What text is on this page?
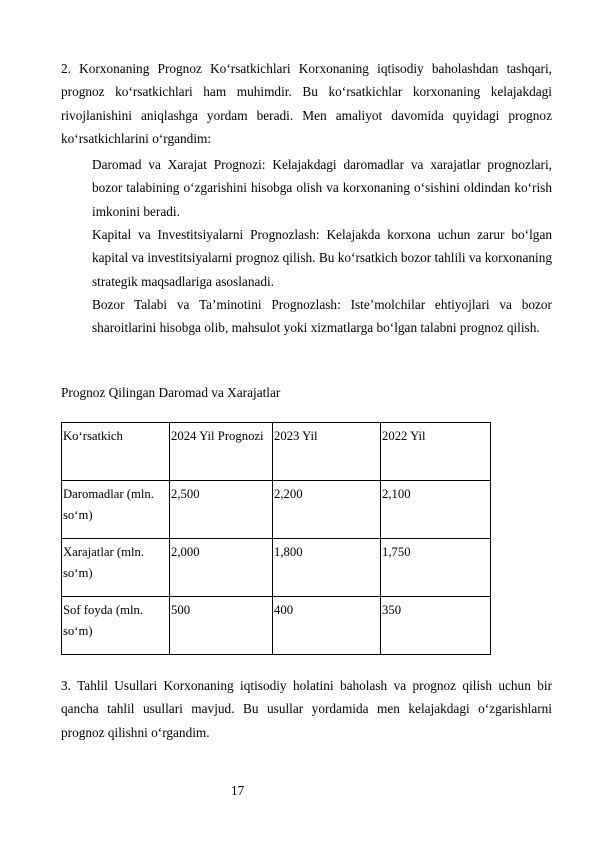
2. Korxonaning Prognoz Ko‘rsatkichlari Korxonaning iqtisodiy baholashdan tashqari, prognoz ko‘rsatkichlari ham muhimdir. Bu ko‘rsatkichlar korxonaning kelajakdagi rivojlanishini aniqlashga yordam beradi. Men amaliyot davomida quyidagi prognoz ko‘rsatkichlarini o‘rgandim:

Daromad va Xarajat Prognozi: Kelajakdagi daromadlar va xarajatlar prognozlari, bozor talabining o‘zgarishini hisobga olish va korxonaning o‘sishini oldindan ko‘rish imkonini beradi.

Kapital va Investitsiyalarni Prognozlash: Kelajakda korxona uchun zarur bo‘lgan kapital va investitsiyalarni prognoz qilish. Bu ko‘rsatkich bozor tahlili va korxonaning strategik maqsadlariga asoslanadi.

Bozor Talabi va Ta’minotini Prognozlash: Iste’molchilar ehtiyojlari va bozor sharoitlarini hisobga olib, mahsulot yoki xizmatlarga bo‘lgan talabni prognoz qilish.

Prognoz Qilingan Daromad va Xarajatlar

Ko‘rsatkich	2024 Yil Prognozi	2023 Yil	2022 Yil
Daromadlar (mln. so‘m)	2,500	2,200	2,100
Xarajatlar (mln. so‘m)	2,000	1,800	1,750
Sof foyda (mln. so‘m)	500	400	350

3. Tahlil Usullari Korxonaning iqtisodiy holatini baholash va prognoz qilish uchun bir qancha tahlil usullari mavjud. Bu usullar yordamida men kelajakdagi o‘zgarishlarni prognoz qilishni o‘rgandim.

17
